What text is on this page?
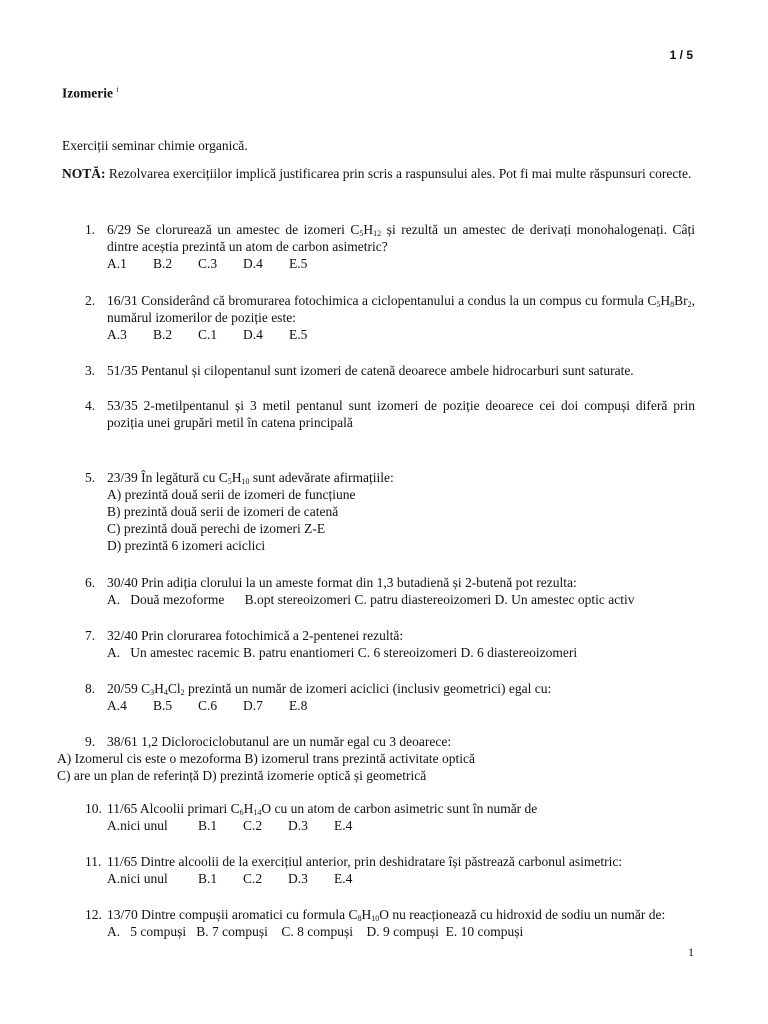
1 / 5
Izomerie $^i$
Exerciții seminar chimie organică.
NOTĂ: Rezolvarea exercițiilor implică justificarea prin scris a raspunsului ales. Pot fi mai multe răspunsuri corecte.
1. 6/29 Se clorurează un amestec de izomeri $C_5H_{12}$ și rezultă un amestec de derivați monohalogenați. Câți dintre aceștia prezintă un atom de carbon asimetric?
A.1 B.2 C.3 D.4 E.5
2. 16/31 Considerând că bromurarea fotochimica a ciclopentanului a condus la un compus cu formula $C_5H_8Br_2$, numărul izomerilor de poziție este:
A.3 B.2 C.1 D.4 E.5
3. 51/35 Pentanul și cilopentanul sunt izomeri de catenă deoarece ambele hidrocarburi sunt saturate.
4. 53/35 2-metilpentanul și 3 metil pentanul sunt izomeri de poziție deoarece cei doi compuși diferă prin poziția unei grupări metil în catena principală
5. 23/39 În legătură cu $C_5H_{10}$ sunt adevărate afirmațiile:
A) prezintă două serii de izomeri de funcțiune
B) prezintă două serii de izomeri de catenă
C) prezintă două perechi de izomeri Z-E
D) prezintă 6 izomeri aciclici
6. 30/40 Prin adiția clorului la un ameste format din 1,3 butadienă și 2-butenă pot rezulta:
A.   Două mezoforme      B.opt stereoizomeri C. patru diastereoizomeri D. Un amestec optic activ
7. 32/40 Prin clorurarea fotochimică a 2-pentenei rezultă:
A.   Un amestec racemic B. patru enantiomeri C. 6 stereoizomeri D. 6 diastereoizomeri
8. 20/59 $C_3H_4Cl_2$ prezintă un număr de izomeri aciclici (inclusiv geometrici) egal cu:
A.4 B.5 C.6 D.7 E.8
9. 38/61 1,2 Diclorociclobutanul are un număr egal cu 3 deoarece:
A) Izomerul cis este o mezoforma B) izomerul trans prezintă activitate optică
C) are un plan de referință D) prezintă izomerie optică și geometrică
10. 11/65 Alcoolii primari $C_6H_{14}O$ cu un atom de carbon asimetric sunt în număr de
A.nici unul B.1 C.2 D.3 E.4
11. 11/65 Dintre alcoolii de la exercițiul anterior, prin deshidratare își păstrează carbonul asimetric:
A.nici unul B.1 C.2 D.3 E.4
12. 13/70 Dintre compușii aromatici cu formula $C_8H_{10}O$ nu reacționează cu hidroxid de sodiu un număr de:
A.   5 compuși   B. 7 compuși    C. 8 compuși    D. 9 compuși  E. 10 compuși
1
